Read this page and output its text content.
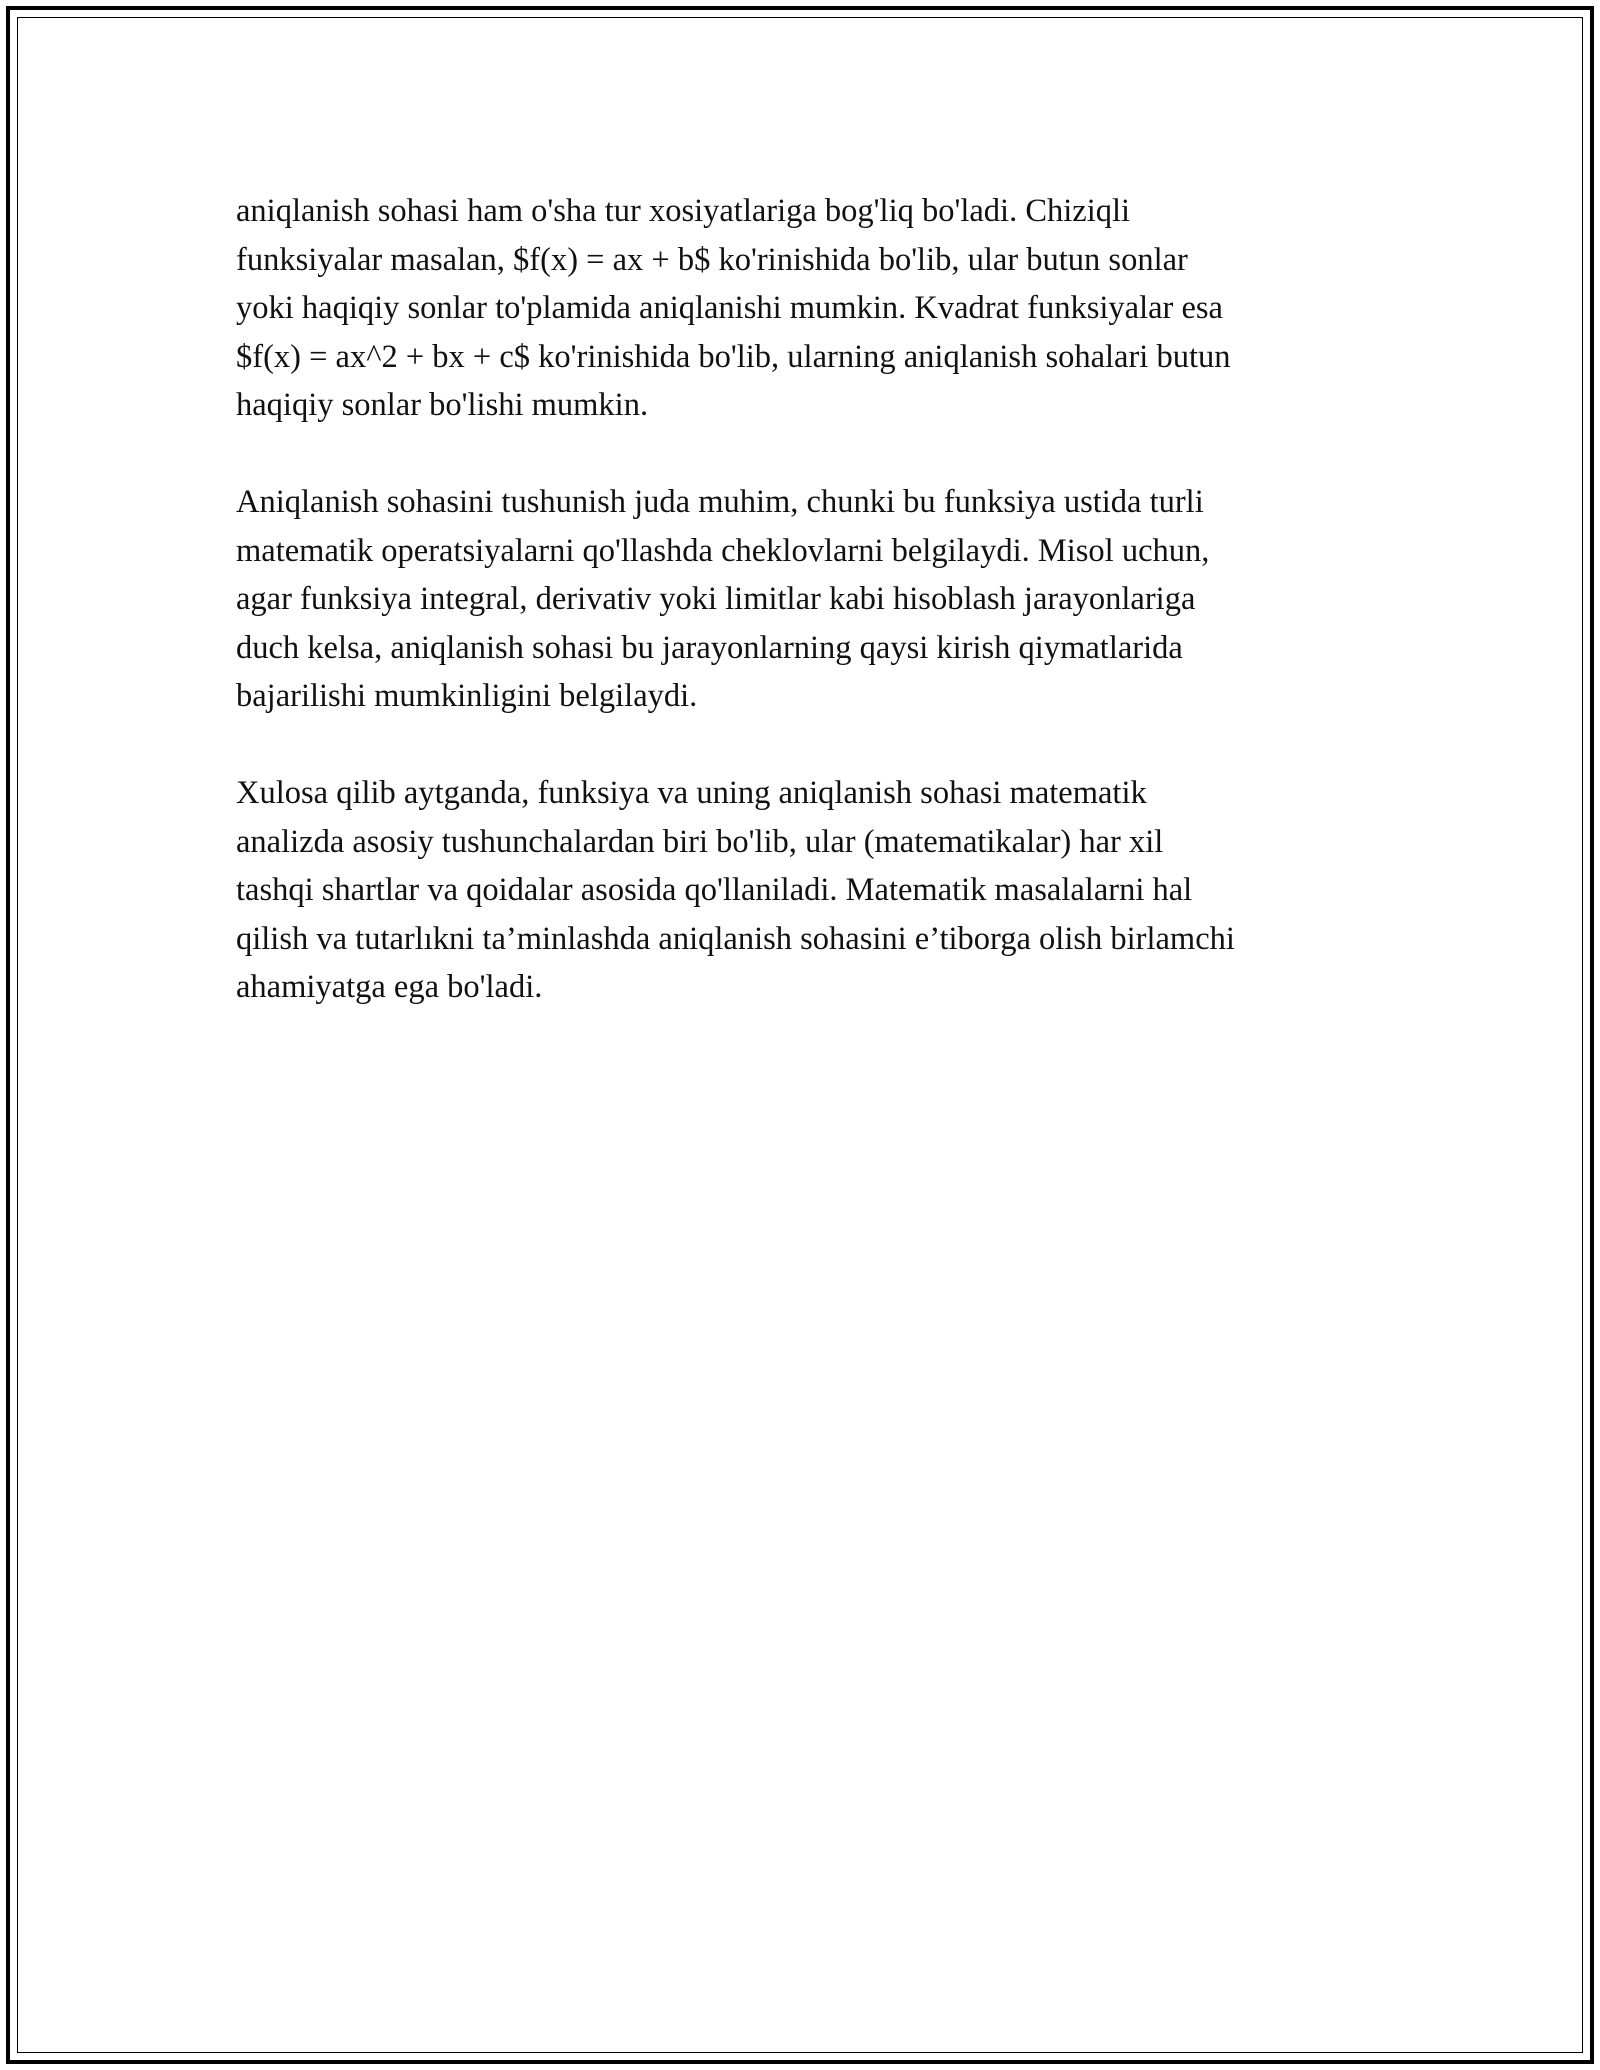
aniqlanish sohasi ham o'sha tur xosiyatlariga bog'liq bo'ladi. Chiziqli
funksiyalar masalan, $f(x) = ax + b$ ko'rinishida bo'lib, ular butun sonlar
yoki haqiqiy sonlar to'plamida aniqlanishi mumkin. Kvadrat funksiyalar esa
$f(x) = ax^2 + bx + c$ ko'rinishida bo'lib, ularning aniqlanish sohalari butun
haqiqiy sonlar bo'lishi mumkin.

Aniqlanish sohasini tushunish juda muhim, chunki bu funksiya ustida turli
matematik operatsiyalarni qo'llashda cheklovlarni belgilaydi. Misol uchun,
agar funksiya integral, derivativ yoki limitlar kabi hisoblash jarayonlariga
duch kelsa, aniqlanish sohasi bu jarayonlarning qaysi kirish qiymatlarida
bajarilishi mumkinligini belgilaydi.

Xulosa qilib aytganda, funksiya va uning aniqlanish sohasi matematik
analizda asosiy tushunchalardan biri bo'lib, ular (matematikalar) har xil
tashqi shartlar va qoidalar asosida qo'llaniladi. Matematik masalalarni hal
qilish va tutarlıkni ta’minlashda aniqlanish sohasini e’tiborga olish birlamchi
ahamiyatga ega bo'ladi.
